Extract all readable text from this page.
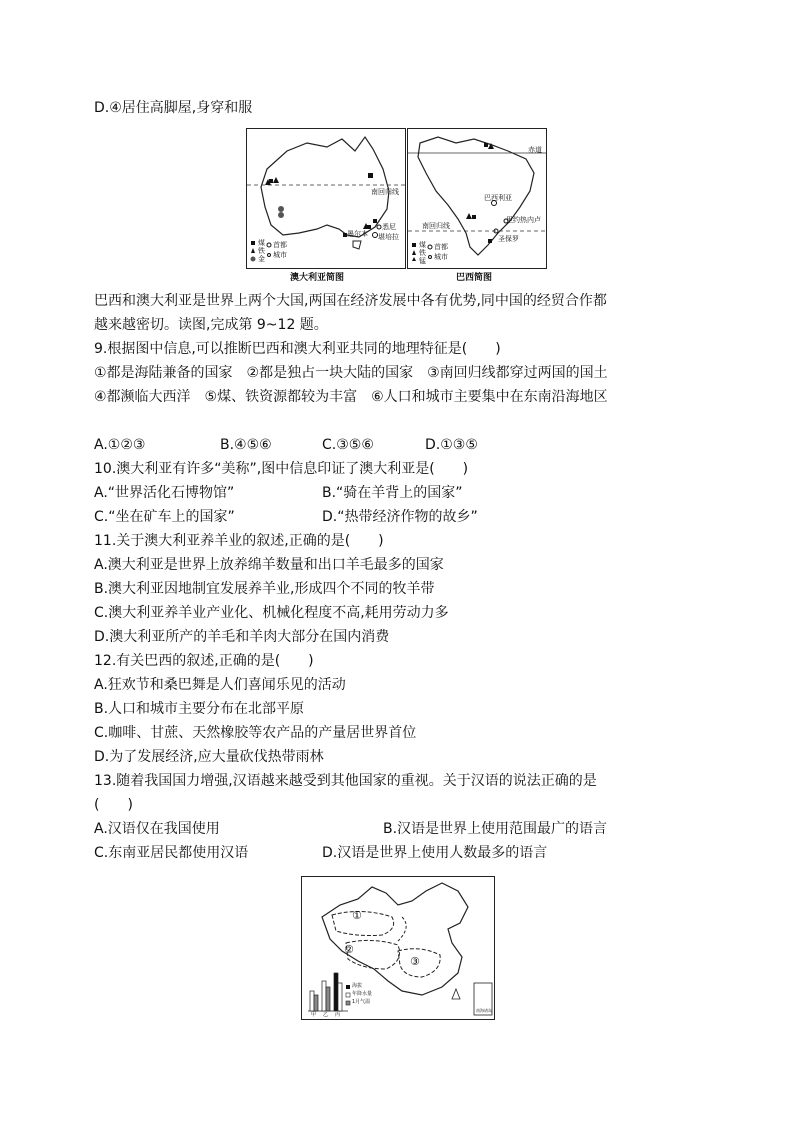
D.④居住高脚屋,身穿和服
南回归线
悉尼
墨尔本 堪培拉
煤
铁
金
首都
城市
澳大利亚简图
赤道
南回归线
巴西利亚
里约热内卢
圣保罗
煤
铁
锰
首都
城市
巴西简图
巴西和澳大利亚是世界上两个大国,两国在经济发展中各有优势,同中国的经贸合作都
越来越密切。读图,完成第 9~12 题。
9.根据图中信息,可以推断巴西和澳大利亚共同的地理特征是(　　)
①都是海陆兼备的国家　②都是独占一块大陆的国家　③南回归线都穿过两国的国土
④都濒临大西洋　⑤煤、铁资源都较为丰富　⑥人口和城市主要集中在东南沿海地区
A.①②③	B.④⑤⑥	C.③⑤⑥	D.①③⑤
10.澳大利亚有许多“美称”,图中信息印证了澳大利亚是(　　)
A.“世界活化石博物馆”	B.“骑在羊背上的国家”
C.“坐在矿车上的国家”	D.“热带经济作物的故乡”
11.关于澳大利亚养羊业的叙述,正确的是(　　)
A.澳大利亚是世界上放养绵羊数量和出口羊毛最多的国家
B.澳大利亚因地制宜发展养羊业,形成四个不同的牧羊带
C.澳大利亚养羊业产业化、机械化程度不高,耗用劳动力多
D.澳大利亚所产的羊毛和羊肉大部分在国内消费
12.有关巴西的叙述,正确的是(　　)
A.狂欢节和桑巴舞是人们喜闻乐见的活动
B.人口和城市主要分布在北部平原
C.咖啡、甘蔗、天然橡胶等农产品的产量居世界首位
D.为了发展经济,应大量砍伐热带雨林
13.随着我国国力增强,汉语越来越受到其他国家的重视。关于汉语的说法正确的是
(　　)
A.汉语仅在我国使用	B.汉语是世界上使用范围最广的语言
C.东南亚居民都使用汉语	D.汉语是世界上使用人数最多的语言
①
②
③
海拔
年降水量
1月气温
甲 乙 丙
南海诸岛
